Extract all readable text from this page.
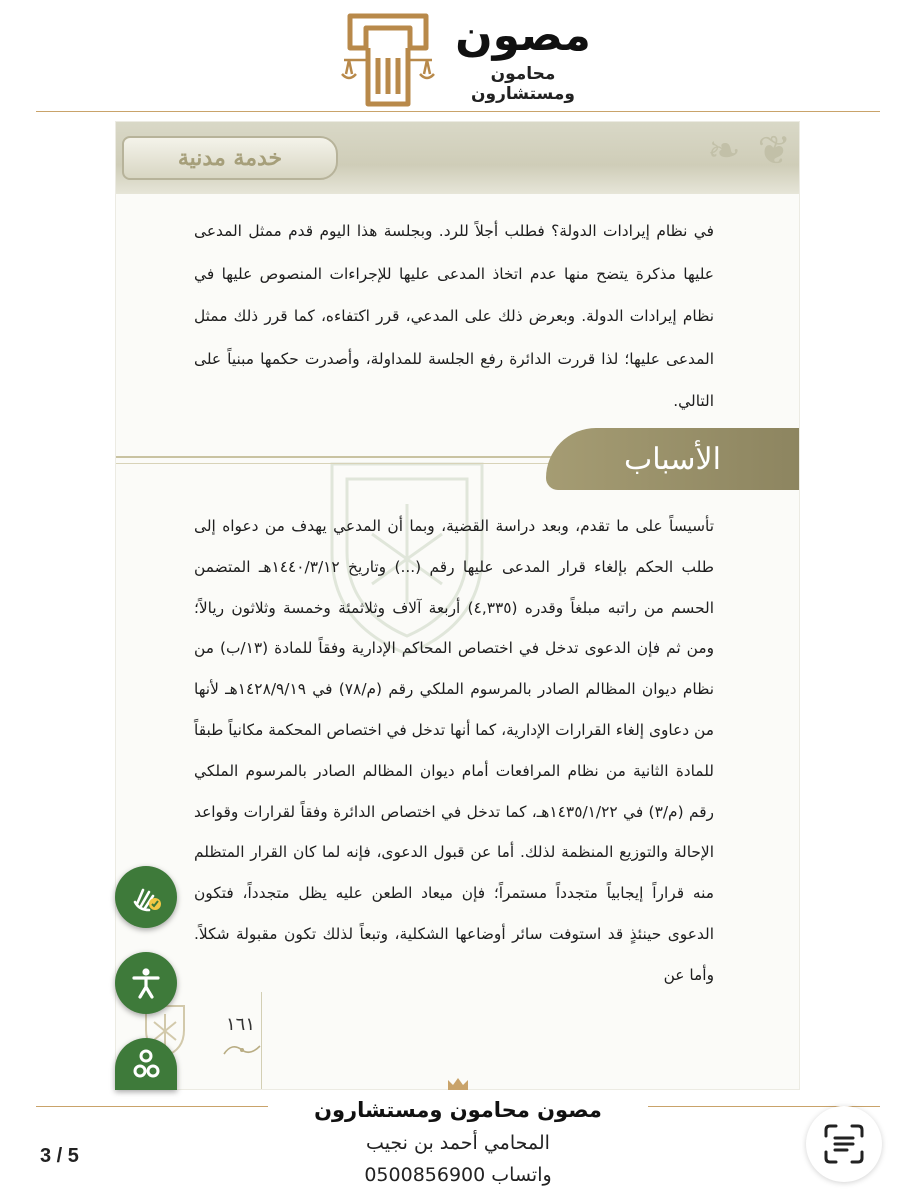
مصون
محامون ومستشارون
❧ ❦
خدمة مدنية
في نظام إيرادات الدولة؟ فطلب أجلاً للرد. وبجلسة هذا اليوم قدم ممثل المدعى عليها مذكرة يتضح منها عدم اتخاذ المدعى عليها للإجراءات المنصوص عليها في نظام إيرادات الدولة. وبعرض ذلك على المدعي، قرر اكتفاءه، كما قرر ذلك ممثل المدعى عليها؛ لذا قررت الدائرة رفع الجلسة للمداولة، وأصدرت حكمها مبنياً على التالي.
الأسباب
تأسيساً على ما تقدم، وبعد دراسة القضية، وبما أن المدعي يهدف من دعواه إلى طلب الحكم بإلغاء قرار المدعى عليها رقم (...) وتاريخ ١٤٤٠/٣/١٢هـ المتضمن الحسم من راتبه مبلغاً وقدره (٤,٣٣٥) أربعة آلاف وثلاثمئة وخمسة وثلاثون ريالاً؛ ومن ثم فإن الدعوى تدخل في اختصاص المحاكم الإدارية وفقاً للمادة (١٣/ب) من نظام ديوان المظالم الصادر بالمرسوم الملكي رقم (م/٧٨) في ١٤٢٨/٩/١٩هـ لأنها من دعاوى إلغاء القرارات الإدارية، كما أنها تدخل في اختصاص المحكمة مكانياً طبقاً للمادة الثانية من نظام المرافعات أمام ديوان المظالم الصادر بالمرسوم الملكي رقم (م/٣) في ١٤٣٥/١/٢٢هـ، كما تدخل في اختصاص الدائرة وفقاً لقرارات وقواعد الإحالة والتوزيع المنظمة لذلك. أما عن قبول الدعوى، فإنه لما كان القرار المتظلم منه قراراً إيجابياً متجدداً مستمراً؛ فإن ميعاد الطعن عليه يظل متجدداً، فتكون الدعوى حينئذٍ قد استوفت سائر أوضاعها الشكلية، وتبعاً لذلك تكون مقبولة شكلاً. وأما عن
١٦١
مصون محامون ومستشارون
المحامي أحمد بن نجيب
واتساب 0500856900
3 / 5
